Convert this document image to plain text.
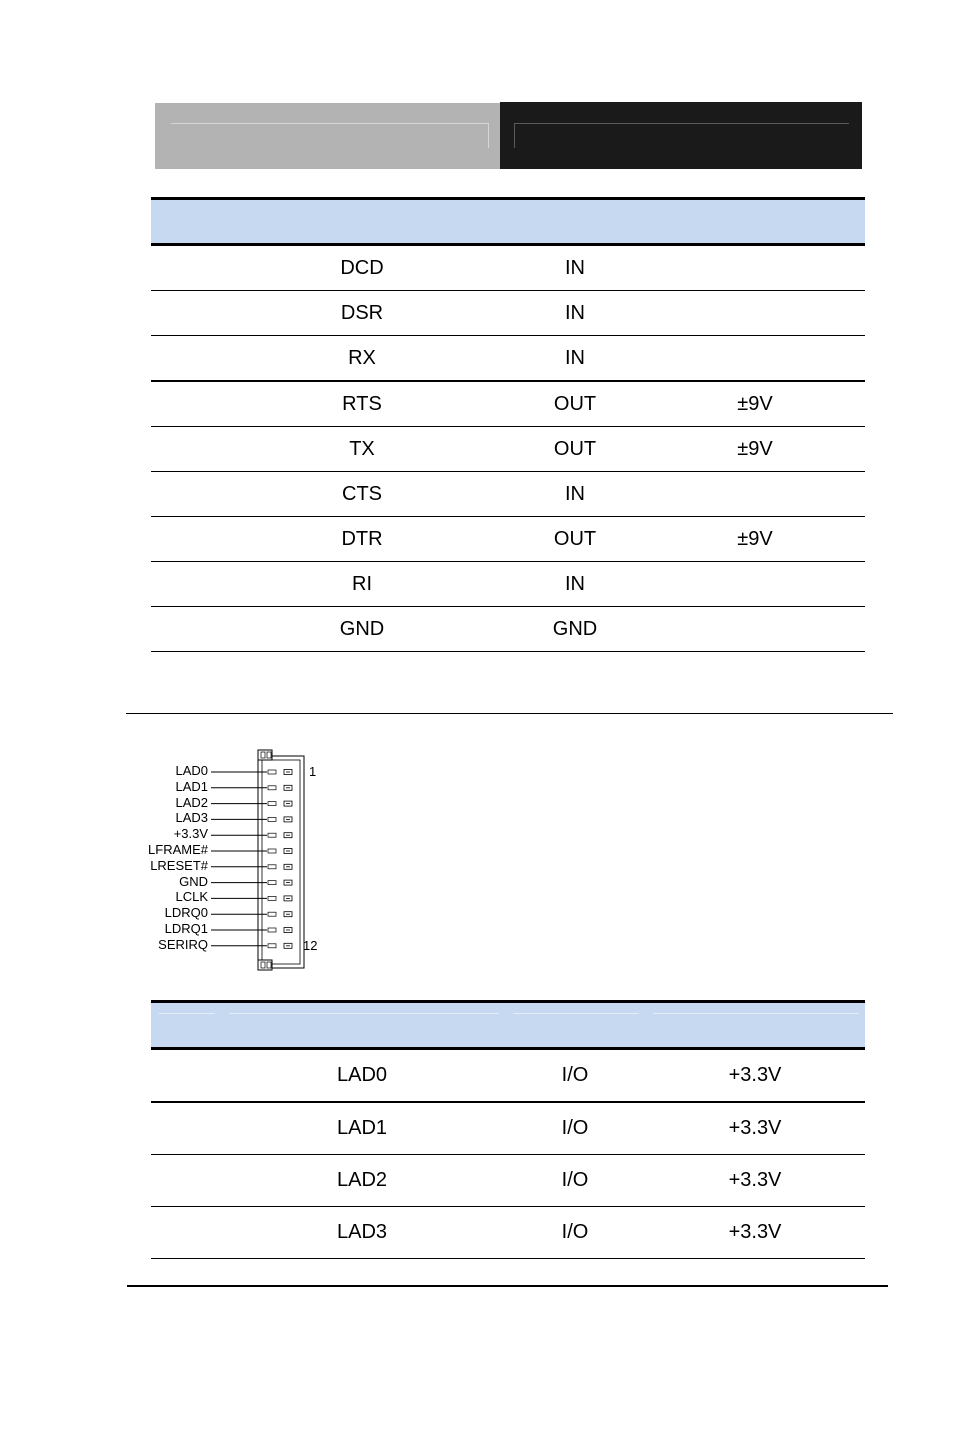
DCD	IN
DSR	IN
RX	IN
RTS	OUT	±9V
TX	OUT	±9V
CTS	IN
DTR	OUT	±9V
RI	IN
GND	GND
LAD0
LAD1
LAD2
LAD3
+3.3V
LFRAME#
LRESET#
GND
LCLK
LDRQ0
LDRQ1
SERIRQ
1
12
LAD0	I/O	+3.3V
LAD1	I/O	+3.3V
LAD2	I/O	+3.3V
LAD3	I/O	+3.3V
